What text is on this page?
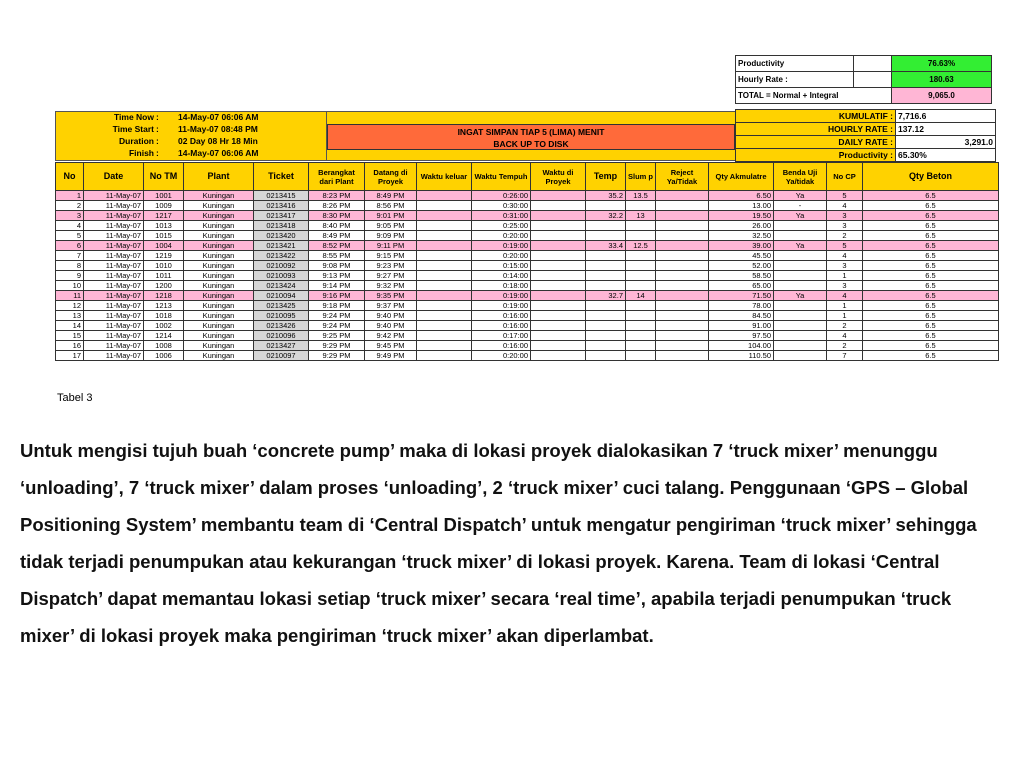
Productivity		76.63%
Hourly Rate :		180.63
TOTAL = Normal + Integral		9,065.0
Time Now : 14-May-07 06:06 AM
Time Start : 11-May-07 08:48 PM
Duration : 02 Day 08 Hr 18 Min
Finish : 14-May-07 06:06 AM
INGAT SIMPAN TIAP 5 (LIMA) MENIT
BACK UP TO DISK
KUMULATIF :	7,716.6
HOURLY RATE :	137.12
DAILY RATE :	3,291.0
Productivity :	65.30%
No	Date	No TM	Plant	Ticket	Berangkat dari Plant	Datang di Proyek	Waktu keluar	Waktu Tempuh	Waktu di Proyek	Temp	Slum p	Reject Ya/Tidak	Qty Akmulatre	Benda Uji Ya/tidak	No CP	Qty Beton
1	11-May-07	1001	Kuningan	0213415	8:23 PM	8:49 PM		0:26:00		35.2	13.5		6.50	Ya	5	6.5
2	11-May-07	1009	Kuningan	0213416	8:26 PM	8:56 PM		0:30:00					13.00	-	4	6.5
3	11-May-07	1217	Kuningan	0213417	8:30 PM	9:01 PM		0:31:00		32.2	13		19.50	Ya	3	6.5
4	11-May-07	1013	Kuningan	0213418	8:40 PM	9:05 PM		0:25:00					26.00		3	6.5
5	11-May-07	1015	Kuningan	0213420	8:49 PM	9:09 PM		0:20:00					32.50		2	6.5
6	11-May-07	1004	Kuningan	0213421	8:52 PM	9:11 PM		0:19:00		33.4	12.5		39.00	Ya	5	6.5
7	11-May-07	1219	Kuningan	0213422	8:55 PM	9:15 PM		0:20:00					45.50		4	6.5
8	11-May-07	1010	Kuningan	0210092	9:08 PM	9:23 PM		0:15:00					52.00		3	6.5
9	11-May-07	1011	Kuningan	0210093	9:13 PM	9:27 PM		0:14:00					58.50		1	6.5
10	11-May-07	1200	Kuningan	0213424	9:14 PM	9:32 PM		0:18:00					65.00		3	6.5
11	11-May-07	1218	Kuningan	0210094	9:16 PM	9:35 PM		0:19:00		32.7	14		71.50	Ya	4	6.5
12	11-May-07	1213	Kuningan	0213425	9:18 PM	9:37 PM		0:19:00					78.00		1	6.5
13	11-May-07	1018	Kuningan	0210095	9:24 PM	9:40 PM		0:16:00					84.50		1	6.5
14	11-May-07	1002	Kuningan	0213426	9:24 PM	9:40 PM		0:16:00					91.00		2	6.5
15	11-May-07	1214	Kuningan	0210096	9:25 PM	9:42 PM		0:17:00					97.50		4	6.5
16	11-May-07	1008	Kuningan	0213427	9:29 PM	9:45 PM		0:16:00					104.00		2	6.5
17	11-May-07	1006	Kuningan	0210097	9:29 PM	9:49 PM		0:20:00					110.50		7	6.5
Tabel 3
Untuk mengisi tujuh buah ‘concrete pump’ maka di lokasi proyek dialokasikan 7 ‘truck mixer’ menunggu ‘unloading’, 7 ‘truck mixer’ dalam proses ‘unloading’, 2 ‘truck mixer’ cuci talang. Penggunaan ‘GPS – Global Positioning System’ membantu team di ‘Central Dispatch’ untuk mengatur pengiriman ‘truck mixer’ sehingga tidak terjadi penumpukan atau kekurangan ‘truck mixer’ di lokasi proyek. Karena. Team di lokasi ‘Central Dispatch’ dapat memantau lokasi setiap ‘truck mixer’ secara ‘real time’, apabila terjadi penumpukan ‘truck mixer’ di lokasi proyek maka pengiriman ‘truck mixer’ akan diperlambat.
